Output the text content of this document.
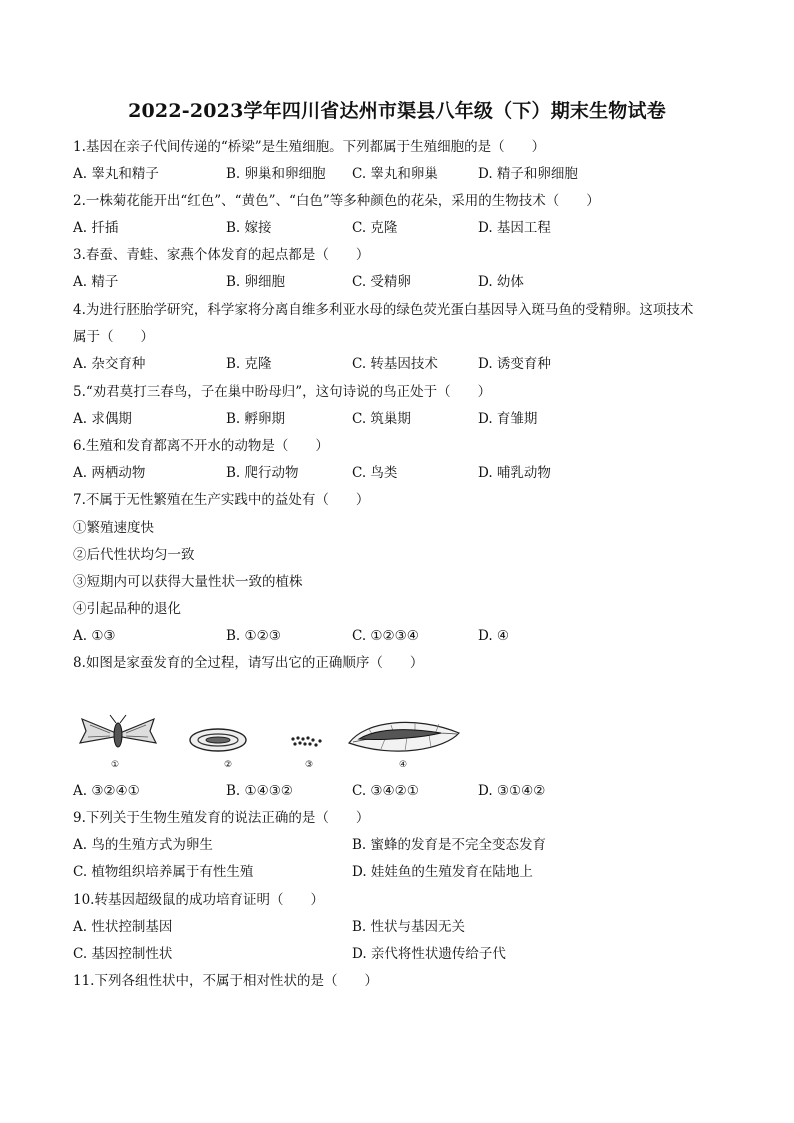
2022-2023学年四川省达州市渠县八年级（下）期末生物试卷
1.基因在亲子代间传递的“桥梁”是生殖细胞。下列都属于生殖细胞的是（　　）
A. 睾丸和精子	B. 卵巢和卵细胞 C. 睾丸和卵巢	D. 精子和卵细胞
2.一株菊花能开出“红色”、“黄色”、“白色”等多种颜色的花朵，采用的生物技术（　　）
A. 扦插	B. 嫁接	C. 克隆	D. 基因工程
3.春蚕、青蛙、家燕个体发育的起点都是（　　）
A. 精子	B. 卵细胞	C. 受精卵	D. 幼体
4.为进行胚胎学研究，科学家将分离自维多利亚水母的绿色荧光蛋白基因导入斑马鱼的受精卵。这项技术
属于（　　）
A. 杂交育种	B. 克隆	C. 转基因技术	D. 诱变育种
5.“劝君莫打三春鸟，子在巢中盼母归”，这句诗说的鸟正处于（　　）
A. 求偶期	B. 孵卵期	C. 筑巢期	D. 育雏期
6.生殖和发育都离不开水的动物是（　　）
A. 两栖动物	B. 爬行动物	C. 鸟类	D. 哺乳动物
7.不属于无性繁殖在生产实践中的益处有（　　）
①繁殖速度快
②后代性状均匀一致
③短期内可以获得大量性状一致的植株
④引起品种的退化
A. ①③	B. ①②③	C. ①②③④	D. ④
8.如图是家蚕发育的全过程，请写出它的正确顺序（　　）
①	②	③	④
A. ③②④①	B. ①④③②	C. ③④②①	D. ③①④②
9.下列关于生物生殖发育的说法正确的是（　　）
A. 鸟的生殖方式为卵生	B. 蜜蜂的发育是不完全变态发育
C. 植物组织培养属于有性生殖	D. 娃娃鱼的生殖发育在陆地上
10.转基因超级鼠的成功培育证明（　　）
A. 性状控制基因	B. 性状与基因无关
C. 基因控制性状	D. 亲代将性状遗传给子代
11.下列各组性状中，不属于相对性状的是（　　）
